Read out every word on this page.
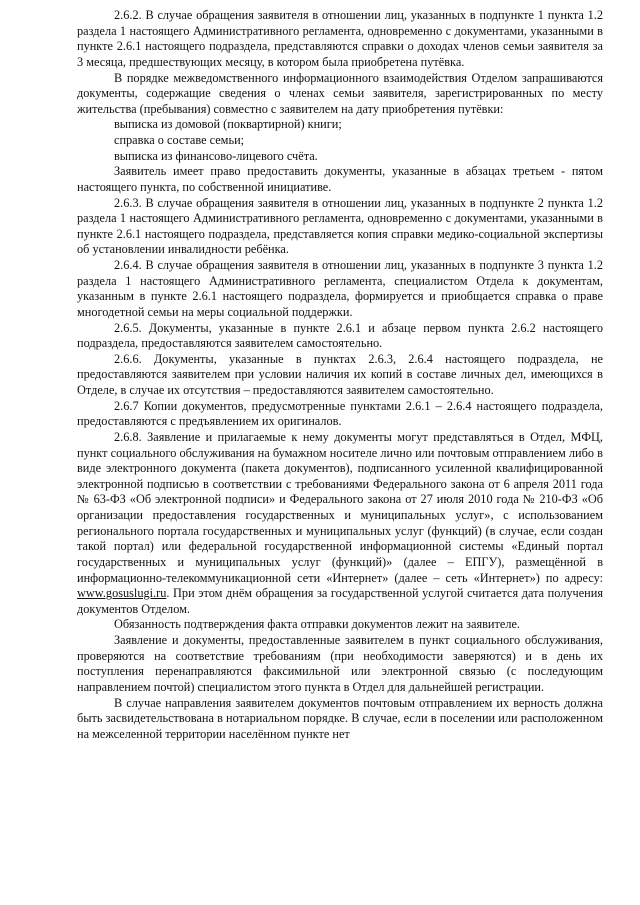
2.6.2. В случае обращения заявителя в отношении лиц, указанных в подпункте 1 пункта 1.2 раздела 1 настоящего Административного регламента, одновременно с документами, указанными в пункте 2.6.1 настоящего подраздела, представляются справки о доходах членов семьи заявителя за 3 месяца, предшествующих месяцу, в котором была приобретена путёвка.

В порядке межведомственного информационного взаимодействия Отделом запрашиваются документы, содержащие сведения о членах семьи заявителя, зарегистрированных по месту жительства (пребывания) совместно с заявителем на дату приобретения путёвки:

выписка из домовой (поквартирной) книги;

справка о составе семьи;

выписка из финансово-лицевого счёта.

Заявитель имеет право предоставить документы, указанные в абзацах третьем - пятом настоящего пункта, по собственной инициативе.

2.6.3. В случае обращения заявителя в отношении лиц, указанных в подпункте 2 пункта 1.2 раздела 1 настоящего Административного регламента, одновременно с документами, указанными в пункте 2.6.1 настоящего подраздела, представляется копия справки медико-социальной экспертизы об установлении инвалидности ребёнка.

2.6.4. В случае обращения заявителя в отношении лиц, указанных в подпункте 3 пункта 1.2 раздела 1 настоящего Административного регламента, специалистом Отдела к документам, указанным в пункте 2.6.1 настоящего подраздела, формируется и приобщается справка о праве многодетной семьи на меры социальной поддержки.

2.6.5. Документы, указанные в пункте 2.6.1 и абзаце первом пункта 2.6.2 настоящего подраздела, предоставляются заявителем самостоятельно.

2.6.6. Документы, указанные в пунктах 2.6.3, 2.6.4 настоящего подраздела, не предоставляются заявителем при условии наличия их копий в составе личных дел, имеющихся в Отделе, в случае их отсутствия – предоставляются заявителем самостоятельно.

2.6.7 Копии документов, предусмотренные пунктами 2.6.1 – 2.6.4 настоящего подраздела, предоставляются с предъявлением их оригиналов.

2.6.8. Заявление и прилагаемые к нему документы могут представляться в Отдел, МФЦ, пункт социального обслуживания на бумажном носителе лично или почтовым отправлением либо в виде электронного документа (пакета документов), подписанного усиленной квалифицированной электронной подписью в соответствии с требованиями Федерального закона от 6 апреля 2011 года № 63-ФЗ «Об электронной подписи» и Федерального закона от 27 июля 2010 года № 210-ФЗ «Об организации предоставления государственных и муниципальных услуг», с использованием регионального портала государственных и муниципальных услуг (функций) (в случае, если создан такой портал) или федеральной государственной информационной системы «Единый портал государственных и муниципальных услуг (функций)» (далее – ЕПГУ), размещённой в информационно-телекоммуникационной сети «Интернет» (далее – сеть «Интернет») по адресу: www.gosuslugi.ru. При этом днём обращения за государственной услугой считается дата получения документов Отделом.

Обязанность подтверждения факта отправки документов лежит на заявителе.

Заявление и документы, предоставленные заявителем в пункт социального обслуживания, проверяются на соответствие требованиям (при необходимости заверяются) и в день их поступления перенаправляются факсимильной или электронной связью (с последующим направлением почтой) специалистом этого пункта в Отдел для дальнейшей регистрации.

В случае направления заявителем документов почтовым отправлением их верность должна быть засвидетельствована в нотариальном порядке. В случае, если в поселении или расположенном на межселенной территории населённом пункте нет
